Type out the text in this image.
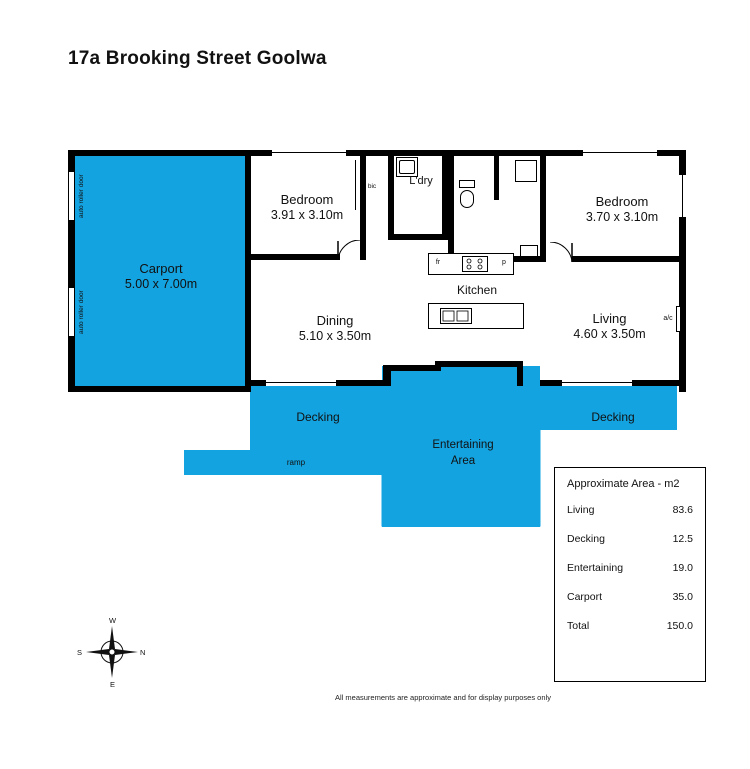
17a Brooking Street Goolwa
bic	L'dry
fr	p
Kitchen
a/c
Bedroom
3.91 x 3.10m
Bedroom
3.70 x 3.10m
Carport
5.00 x 7.00m
Dining
5.10 x 3.50m
Living
4.60 x 3.50m
Decking	Decking
Entertaining
Area
ramp
auto roller door
auto roller door
Approximate Area - m2
Living	83.6
Decking	12.5
Entertaining	19.0
Carport	35.0
Total	150.0
All measurements are approximate and for display purposes only
W
E
S	N
